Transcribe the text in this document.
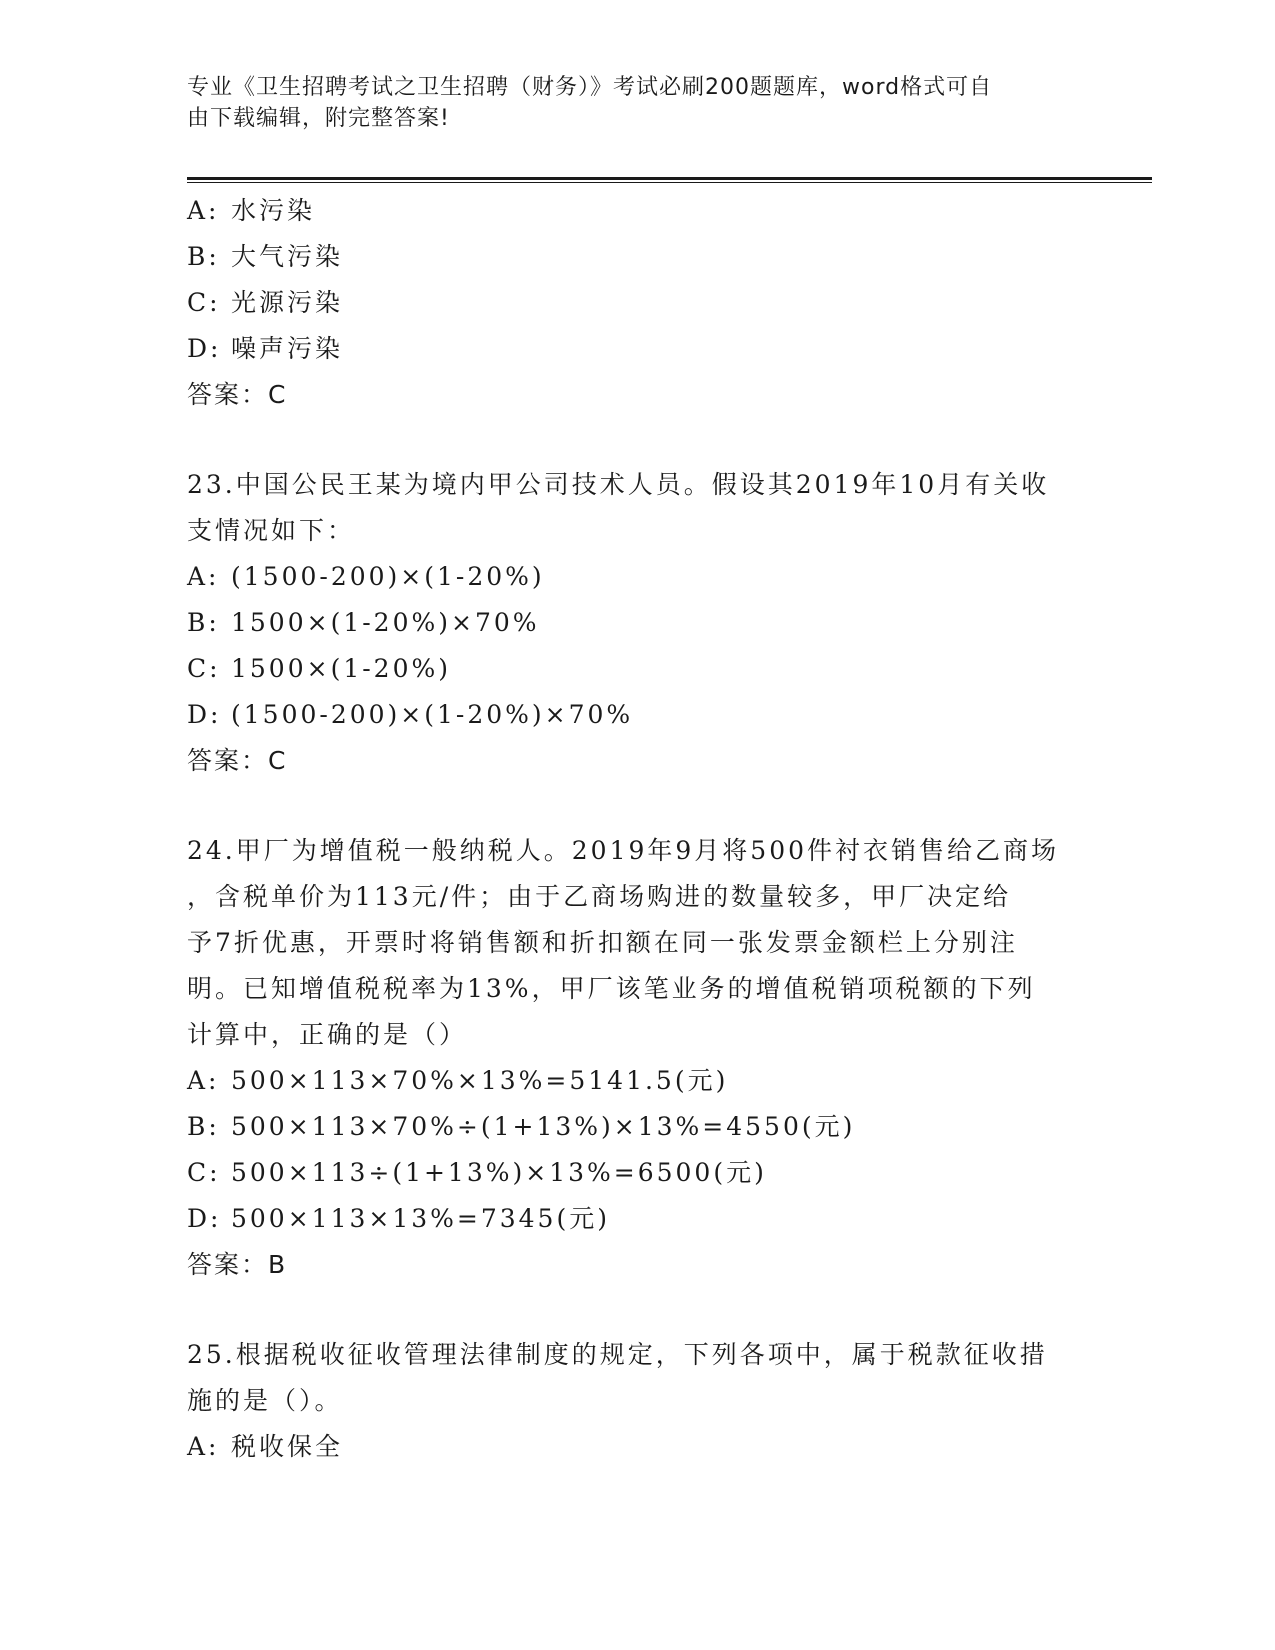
专业《卫生招聘考试之卫生招聘（财务）》考试必刷200题题库，word格式可自
由下载编辑，附完整答案!
A: 水污染
B: 大气污染
C: 光源污染
D: 噪声污染
答案：C
23.中国公民王某为境内甲公司技术人员。假设其2019年10月有关收
支情况如下：
A: (1500-200)×(1-20%)
B: 1500×(1-20%)×70%
C: 1500×(1-20%)
D: (1500-200)×(1-20%)×70%
答案：C
24.甲厂为增值税一般纳税人。2019年9月将500件衬衣销售给乙商场
，含税单价为113元/件；由于乙商场购进的数量较多，甲厂决定给
予7折优惠，开票时将销售额和折扣额在同一张发票金额栏上分别注
明。已知增值税税率为13%，甲厂该笔业务的增值税销项税额的下列
计算中，正确的是（）
A: 500×113×70%×13%=5141.5(元)
B: 500×113×70%÷(1+13%)×13%=4550(元)
C: 500×113÷(1+13%)×13%=6500(元)
D: 500×113×13%=7345(元)
答案：B
25.根据税收征收管理法律制度的规定，下列各项中，属于税款征收措
施的是（）。
A: 税收保全
